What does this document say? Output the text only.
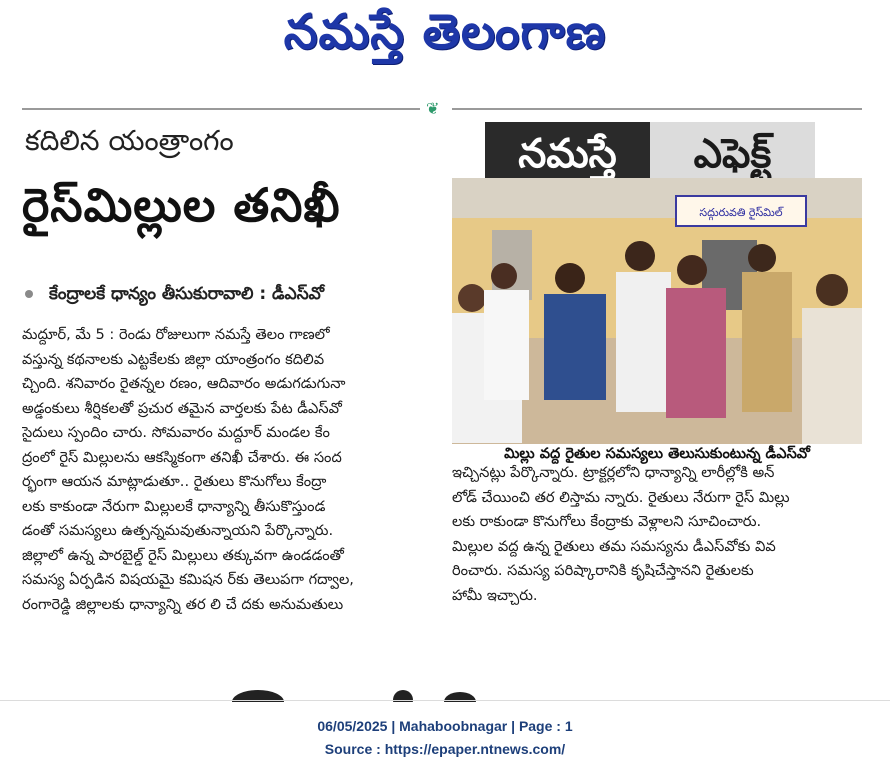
నమస్తే తెలంగాణ
❦
కదిలిన యంత్రాంగం
రైస్‌మిల్లుల తనిఖీ
కేంద్రాలకే ధాన్యం తీసుకురావాలి : డీఎస్‌వో
మద్దూర్‌, మే 5 : రెండు రోజులుగా నమస్తే తెలం గాణలో
వస్తున్న కథనాలకు ఎట్టకేలకు జిల్లా యాంత్రంగం కదిలివ
చ్చింది. శనివారం రైతన్నల రణం, ఆదివారం అడుగడుగునా
అడ్డంకులు శీర్షికలతో ప్రచుర తమైన వార్తలకు పేట డీఎస్‌వో
సైదులు స్పందిం చారు. సోమవారం మద్దూర్‌ మండల కేం
ద్రంలో రైస్‌ మిల్లులను ఆకస్మికంగా తనిఖీ చేశారు. ఈ సంద
ర్భంగా ఆయన మాట్లాడుతూ.. రైతులు కొనుగోలు కేంద్రా
లకు కాకుండా నేరుగా మిల్లులకే ధాన్యాన్ని తీసుకొస్తుండ
డంతో సమస్యలు ఉత్పన్నమవుతున్నాయని పేర్కొన్నారు.
జిల్లాలో ఉన్న పారబైల్డ్‌ రైస్‌ మిల్లులు తక్కువగా ఉండడంతో
సమస్య ఏర్పడిన విషయమై కమిషన ర్‌కు తెలుపగా గద్వాల,
రంగారెడ్డి జిల్లాలకు ధాన్యాన్ని తర లి చే దకు అనుమతులు
నమస్తే	ఎఫెక్ట్‌
సద్గురువతి రైస్‌మిల్
మిల్లు వద్ద రైతుల సమస్యలు తెలుసుకుంటున్న డీఎస్‌వో
ఇచ్చినట్లు పేర్కొన్నారు. ట్రాక్టర్లలోని ధాన్యాన్ని లారీల్లోకి అన్‌
లోడ్‌ చేయించి తర లిస్తామ న్నారు. రైతులు నేరుగా రైస్‌ మిల్లు
లకు రాకుండా కొనుగోలు కేంద్రాకు వెళ్లాలని సూచించారు.
మిల్లుల వద్ద ఉన్న రైతులు తమ సమస్యను డీఎస్‌వోకు వివ
రించారు. సమస్య పరిష్కారానికి కృషిచేస్తానని రైతులకు
హామీ ఇచ్చారు.
06/05/2025 | Mahaboobnagar | Page : 1
Source : https://epaper.ntnews.com/
